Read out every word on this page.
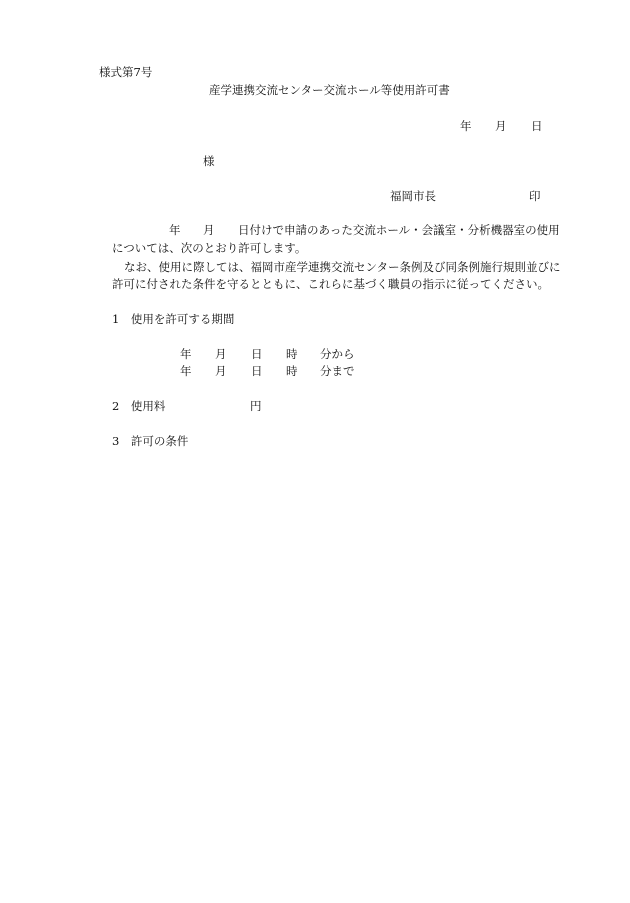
様式第7号
産学連携交流センター交流ホール等使用許可書
年 月 日
様
福岡市長	印
年 月 日付けで申請のあった交流ホール・会議室・分析機器室の使用
については、次のとおり許可します。
なお、使用に際しては、福岡市産学連携交流センター条例及び同条例施行規則並びに
許可に付された条件を守るとともに、これらに基づく職員の指示に従ってください。
1　使用を許可する期間
年 月 日 時 分から
年 月 日 時 分まで
2　使用料	円
3　許可の条件
